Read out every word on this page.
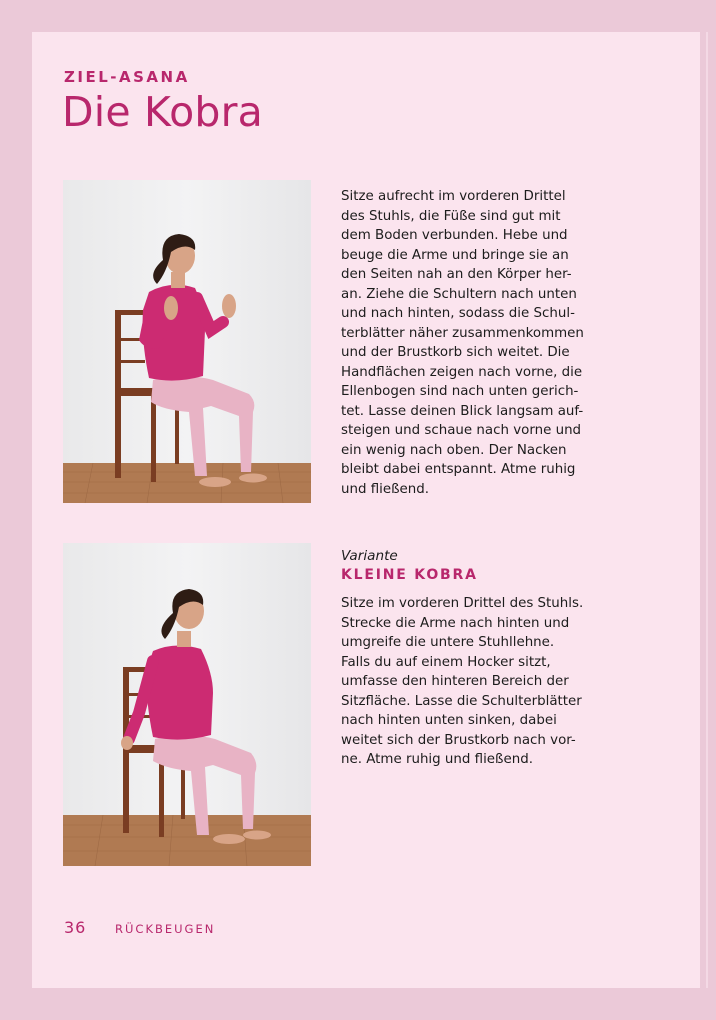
ZIEL-ASANA
Die Kobra
Sitze aufrecht im vorderen Drittel
des Stuhls, die Füße sind gut mit
dem Boden verbunden. Hebe und
beuge die Arme und bringe sie an
den Seiten nah an den Körper her-
an. Ziehe die Schultern nach unten
und nach hinten, sodass die Schul-
terblätter näher zusammenkommen
und der Brustkorb sich weitet. Die
Handflächen zeigen nach vorne, die
Ellenbogen sind nach unten gerich-
tet. Lasse deinen Blick langsam auf-
steigen und schaue nach vorne und
ein wenig nach oben. Der Nacken
bleibt dabei entspannt. Atme ruhig
und fließend.
Variante
KLEINE KOBRA
Sitze im vorderen Drittel des Stuhls.
Strecke die Arme nach hinten und
umgreife die untere Stuhllehne.
Falls du auf einem Hocker sitzt,
umfasse den hinteren Bereich der
Sitzfläche. Lasse die Schulterblätter
nach hinten unten sinken, dabei
weitet sich der Brustkorb nach vor-
ne. Atme ruhig und fließend.
36 RÜCKBEUGEN
